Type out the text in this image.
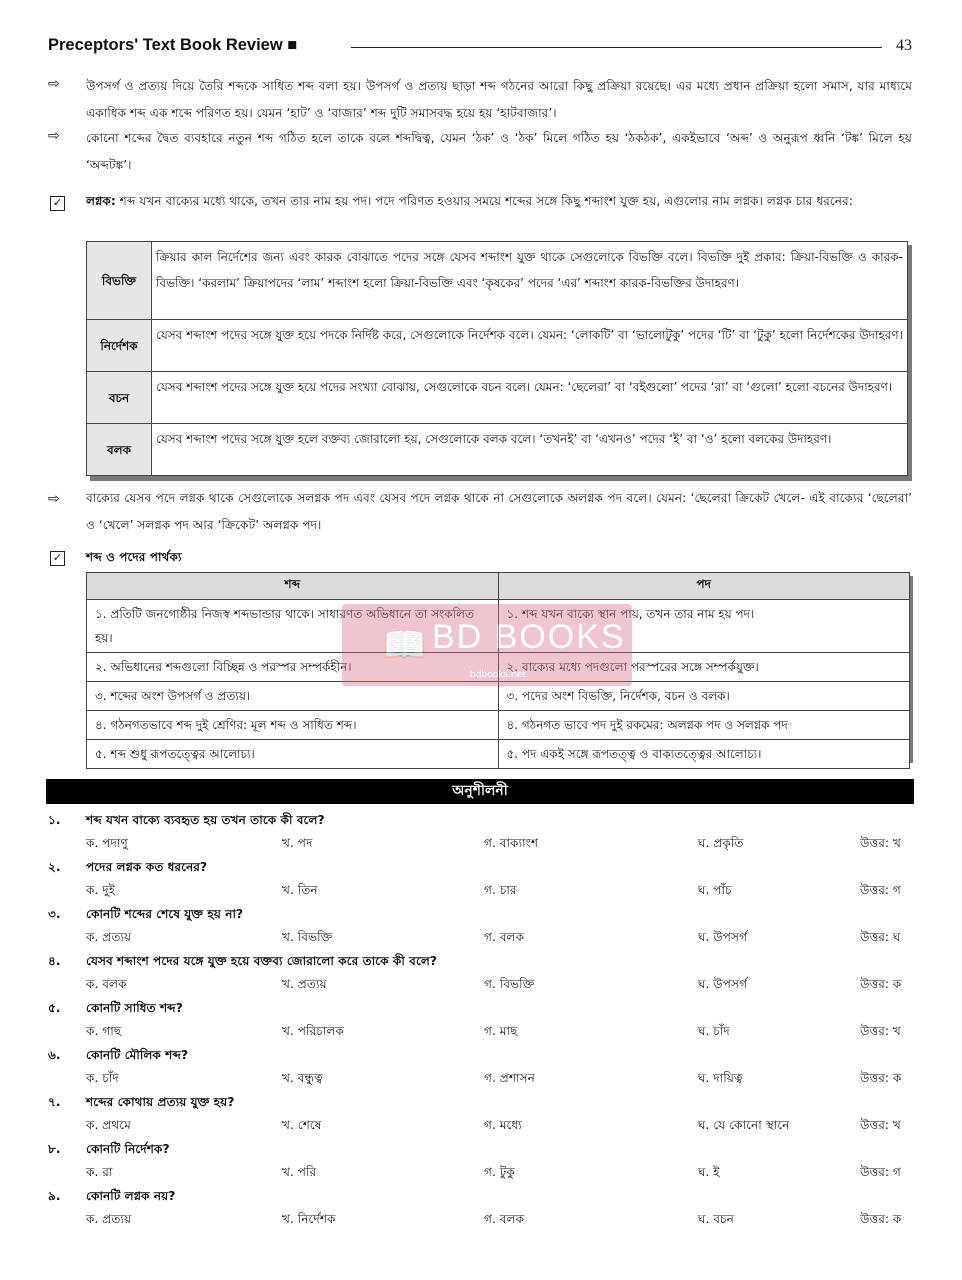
Preceptors' Text Book Review ■	43
⇨ উপসর্গ ও প্রত্যয় দিয়ে তৈরি শব্দকে সাধিত শব্দ বলা হয়। উপসর্গ ও প্রত্যয় ছাড়া শব্দ গঠনের আরো কিছু প্রক্রিয়া রয়েছে। এর মধ্যে প্রধান প্রক্রিয়া হলো সমাস, যার মাধ্যমে একাধিক শব্দ এক শব্দে পরিণত হয়। যেমন ‘হাট’ ও ‘বাজার’ শব্দ দুটি সমাসবদ্ধ হয়ে হয় ‘হাটবাজার’।
⇨ কোনো শব্দের দ্বৈত ব্যবহারে নতুন শব্দ গঠিত হলে তাকে বলে শব্দদ্বিত্ব, যেমন ‘ঠক’ ও ‘ঠক’ মিলে গঠিত হয় ‘ঠকঠক’, একইভাবে ‘অব্দ’ ও অনুরূপ ধ্বনি ‘টঙ্ক’ মিলে হয় ‘অব্দটঙ্ক’।
✓ লগ্নক: শব্দ যখন বাক্যের মধ্যে থাকে, তখন তার নাম হয় পদ। পদে পরিণত হওয়ার সময়ে শব্দের সঙ্গে কিছু শব্দাংশ যুক্ত হয়, এগুলোর নাম লগ্নক। লগ্নক চার ধরনের:
বিভক্তি	ক্রিয়ার কাল নির্দেশের জন্য এবং কারক বোঝাতে পদের সঙ্গে যেসব শব্দাংশ যুক্ত থাকে সেগুলোকে বিভক্তি বলে। বিভক্তি দুই প্রকার: ক্রিয়া-বিভক্তি ও কারক-বিভক্তি। ‘করলাম’ ক্রিয়াপদের ‘লাম’ শব্দাংশ হলো ক্রিয়া-বিভক্তি এবং ‘কৃষকের’ পদের ‘এর’ শব্দাংশ কারক-বিভক্তির উদাহরণ।
নির্দেশক	যেসব শব্দাংশ পদের সঙ্গে যুক্ত হয়ে পদকে নির্দিষ্ট করে, সেগুলোকে নির্দেশক বলে। যেমন: ‘লোকটি’ বা ‘ভালোটুকু’ পদের ‘টি’ বা ‘টুকু’ হলো নির্দেশকের উদাহরণ।
বচন	যেসব শব্দাংশ পদের সঙ্গে যুক্ত হয়ে পদের সংখ্যা বোঝায়, সেগুলোকে বচন বলে। যেমন: ‘ছেলেরা’ বা ‘বইগুলো’ পদের ‘রা’ বা ‘গুলো’ হলো বচনের উদাহরণ।
বলক	যেসব শব্দাংশ পদের সঙ্গে যুক্ত হলে বক্তব্য জোরালো হয়, সেগুলোকে বলক বলে। ‘তখনই’ বা ‘এখনও’ পদের ‘ই’ বা ‘ও’ হলো বলকের উদাহরণ।
⇨ বাক্যের যেসব পদে লগ্নক থাকে সেগুলোকে সলগ্নক পদ এবং যেসব পদে লগ্নক থাকে না সেগুলোকে অলগ্নক পদ বলে। যেমন: ‘ছেলেরা ক্রিকেট খেলে- এই বাক্যের ‘ছেলেরা’ ও ‘খেলে’ সলগ্নক পদ আর ‘ক্রিকেট’ অলগ্নক পদ।
✓ শব্দ ও পদের পার্থক্য
শব্দ	পদ
১. প্রতিটি জনগোষ্ঠীর নিজস্ব শব্দভান্ডার থাকে। সাধারণত অভিধানে তা সংকলিত হয়।	১. শব্দ যখন বাক্যে স্থান পায়, তখন তার নাম হয় পদ।
২. অভিধানের শব্দগুলো বিচ্ছিন্ন ও পরস্পর সম্পর্কহীন।	২. বাক্যের মধ্যে পদগুলো পরস্পরের সঙ্গে সম্পর্কযুক্ত।
৩. শব্দের অংশ উপসর্গ ও প্রত্যয়।	৩. পদের অংশ বিভক্তি, নির্দেশক, বচন ও বলক।
৪. গঠনগতভাবে শব্দ দুই শ্রেণির: মূল শব্দ ও সাধিত শব্দ।	৪. গঠনগত ভাবে পদ দুই রকমের: অলগ্নক পদ ও সলগ্নক পদ
৫. শব্দ শুধু রূপতত্ত্বের আলোচ্য।	৫. পদ একই সঙ্গে রূপতত্ত্ব ও বাক্যতত্ত্বের আলোচ্য।
📖 BD BOOKS
bdbooks.net
অনুশীলনী
১. শব্দ যখন বাক্যে ব্যবহৃত হয় তখন তাকে কী বলে?
ক. পদাণু	খ. পদ	গ. বাক্যাংশ	ঘ. প্রকৃতি	উত্তর: খ
২. পদের লগ্নক কত ধরনের?
ক. দুই	খ. তিন	গ. চার	ঘ. পাঁচ	উত্তর: গ
৩. কোনটি শব্দের শেষে যুক্ত হয় না?
ক. প্রত্যয়	খ. বিভক্তি	গ. বলক	ঘ. উপসর্গ	উত্তর: ঘ
৪. যেসব শব্দাংশ পদের যঙ্গে যুক্ত হয়ে বক্তব্য জোরালো করে তাকে কী বলে?
ক. বলক	খ. প্রত্যয়	গ. বিভক্তি	ঘ. উপসর্গ	উত্তর: ক
৫. কোনটি সাধিত শব্দ?
ক. গাছ	খ. পরিচালক	গ. মাছ	ঘ. চাঁদ	উত্তর: খ
৬. কোনটি মৌলিক শব্দ?
ক. চাঁদ	খ. বন্ধুত্ব	গ. প্রশাসন	ঘ. দায়িত্ব	উত্তর: ক
৭. শব্দের কোথায় প্রত্যয় যুক্ত হয়?
ক. প্রথমে	খ. শেষে	গ. মধ্যে	ঘ. যে কোনো স্থানে	উত্তর: খ
৮. কোনটি নির্দেশক?
ক. রা	খ. পরি	গ. টুকু	ঘ. ই	উত্তর: গ
৯. কোনটি লগ্নক নয়?
ক. প্রত্যয়	খ. নির্দেশক	গ. বলক	ঘ. বচন	উত্তর: ক
